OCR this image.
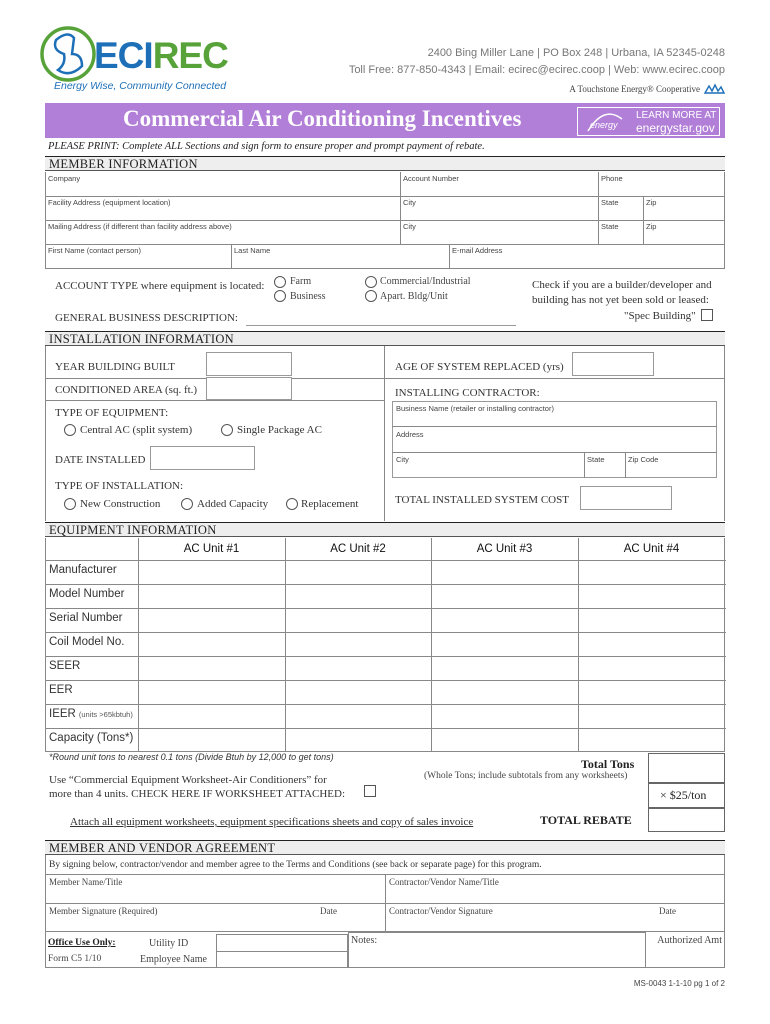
ECIREC
Energy Wise, Community Connected
2400 Bing Miller Lane | PO Box 248 | Urbana, IA 52345-0248
Toll Free: 877-850-4343 | Email: ecirec@ecirec.coop | Web: www.ecirec.coop
A Touchstone Energy® Cooperative
Commercial Air Conditioning Incentives	energy
LEARN MORE AT
energystar.gov
PLEASE PRINT: Complete ALL Sections and sign form to ensure proper and prompt payment of rebate.
MEMBER INFORMATION
Company	Account Number	Phone
Facility Address (equipment location)	City	State	Zip
Mailing Address (if different than facility address above)	City	State	Zip
First Name (contact person)	Last Name	E-mail Address
ACCOUNT TYPE where equipment is located:	Farm
Business
Commercial/Industrial
Apart. Bldg/Unit
Check if you are a builder/developer and
building has not yet been sold or leased:
"Spec Building"
GENERAL BUSINESS DESCRIPTION:
INSTALLATION INFORMATION
YEAR BUILDING BUILT
CONDITIONED AREA (sq. ft.)
TYPE OF EQUIPMENT:
Central AC (split system)	Single Package AC
DATE INSTALLED
TYPE OF INSTALLATION:
New Construction	Added Capacity	Replacement
AGE OF SYSTEM REPLACED (yrs)
INSTALLING CONTRACTOR:
Business Name (retailer or installing contractor)
Address
City	State	Zip Code
TOTAL INSTALLED SYSTEM COST
EQUIPMENT INFORMATION
AC Unit #1	AC Unit #2	AC Unit #3	AC Unit #4
Manufacturer
Model Number
Serial Number
Coil Model No.
SEER
EER
IEER (units >65kbtuh)
Capacity (Tons*)
*Round unit tons to nearest 0.1 tons (Divide Btuh by 12,000 to get tons)	Total Tons
(Whole Tons; include subtotals from any worksheets)
Use “Commercial Equipment Worksheet-Air Conditioners” for
more than 4 units. CHECK HERE IF WORKSHEET ATTACHED:	× $25/ton
Attach all equipment worksheets, equipment specifications sheets and copy of sales invoice	TOTAL REBATE
MEMBER AND VENDOR AGREEMENT
By signing below, contractor/vendor and member agree to the Terms and Conditions (see back or separate page) for this program.
Member Name/Title	Contractor/Vendor Name/Title
Member Signature (Required)	Date	Contractor/Vendor Signature	Date
Office Use Only:	Utility ID
Form C5 1/10	Employee Name
Notes:	Authorized Amt
MS-0043 1-1-10 pg 1 of 2
